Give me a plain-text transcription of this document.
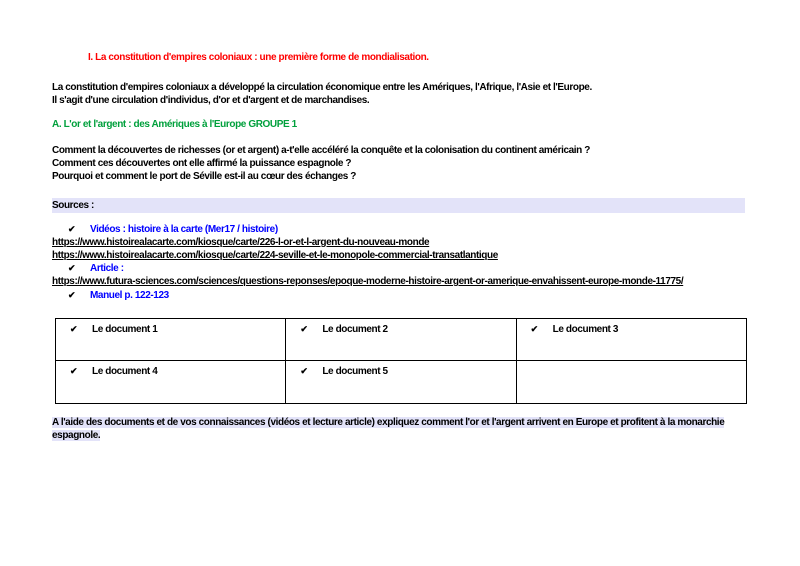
I. La constitution d'empires coloniaux : une première forme de mondialisation.

La constitution d'empires coloniaux a développé la circulation économique entre les Amériques, l'Afrique, l'Asie et l'Europe.
Il s'agit d'une circulation d'individus, d'or et d'argent et de marchandises.

A. L'or et l'argent : des Amériques à l'Europe GROUPE 1

Comment la découvertes de richesses (or et argent) a-t'elle accéléré la conquête et la colonisation du continent américain ?
Comment ces découvertes ont elle affirmé la puissance espagnole ?
Pourquoi et comment le port de Séville est-il au cœur des échanges ?

Sources :
✔ Vidéos : histoire à la carte (Mer17 / histoire)
https://www.histoirealacarte.com/kiosque/carte/226-l-or-et-l-argent-du-nouveau-monde
https://www.histoirealacarte.com/kiosque/carte/224-seville-et-le-monopole-commercial-transatlantique
✔ Article :
https://www.futura-sciences.com/sciences/questions-reponses/epoque-moderne-histoire-argent-or-amerique-envahissent-europe-monde-11775/
✔ Manuel p. 122-123
✔ Le document 1	✔ Le document 2	✔ Le document 3
✔ Le document 4	✔ Le document 5	

A l'aide des documents et de vos connaissances (vidéos et lecture article) expliquez comment l'or et l'argent arrivent en Europe et profitent à la monarchie espagnole.
